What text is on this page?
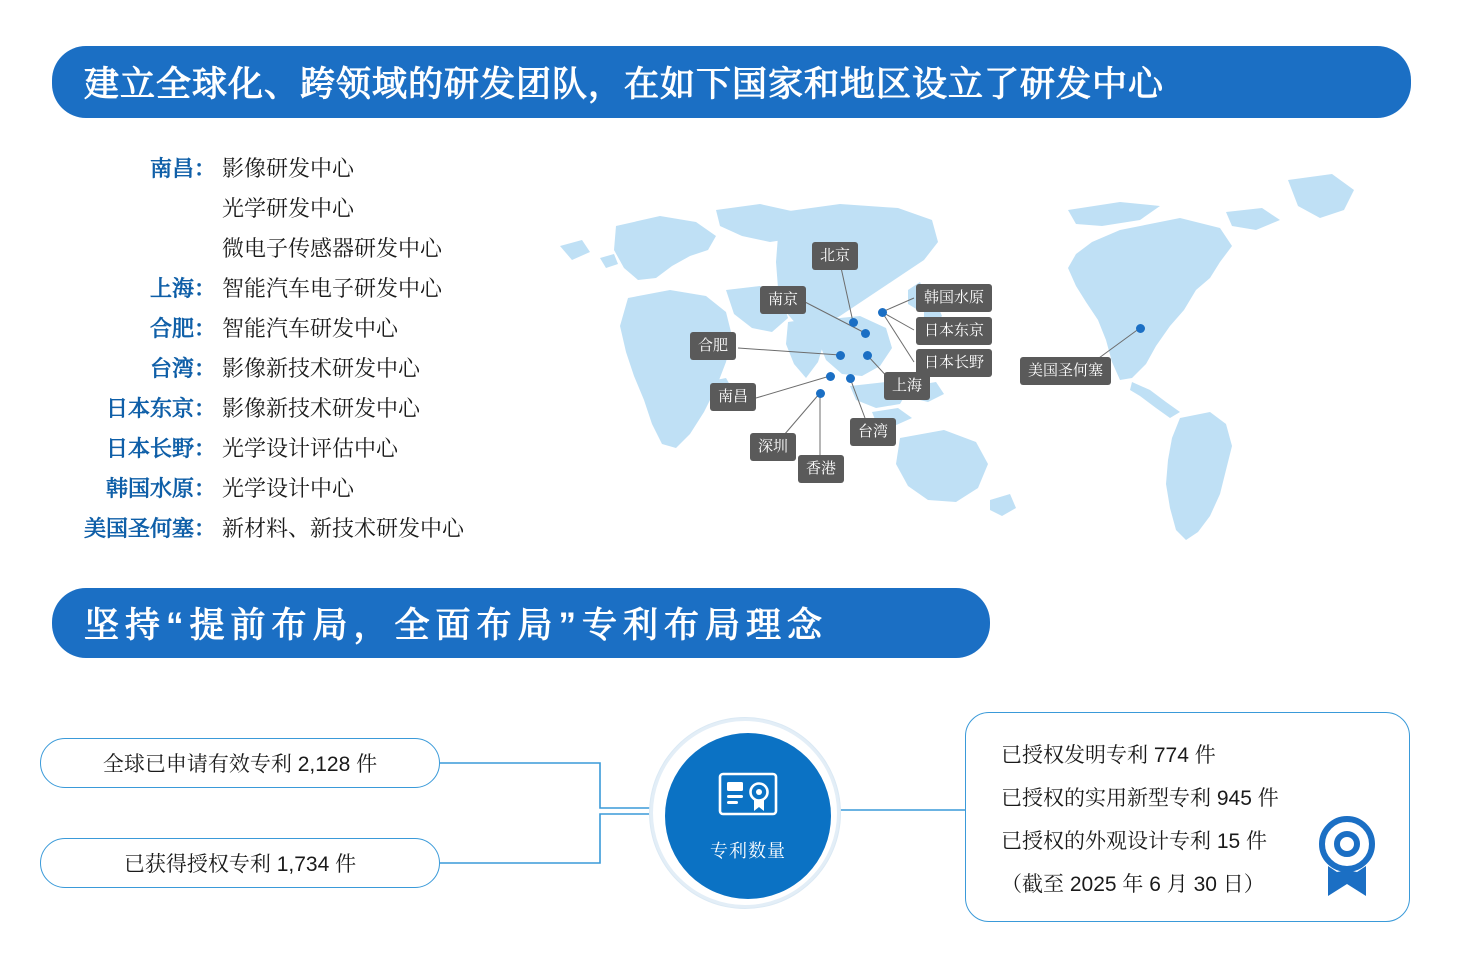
建立全球化、跨领域的研发团队，在如下国家和地区设立了研发中心
南昌： 影像研发中心
光学研发中心
微电子传感器研发中心
上海： 智能汽车电子研发中心
合肥： 智能汽车研发中心
台湾： 影像新技术研发中心
日本东京： 影像新技术研发中心
日本长野： 光学设计评估中心
韩国水原： 光学设计中心
美国圣何塞： 新材料、新技术研发中心
北京
南京	韩国水原
日本东京
合肥
日本长野
南昌
上海
美国圣何塞
台湾
深圳
香港
坚持“提前布局，全面布局”专利布局理念
全球已申请有效专利 2,128 件
已获得授权专利 1,734 件
专利数量
已授权发明专利 774 件
已授权的实用新型专利 945 件
已授权的外观设计专利 15 件
（截至 2025 年 6 月 30 日）
